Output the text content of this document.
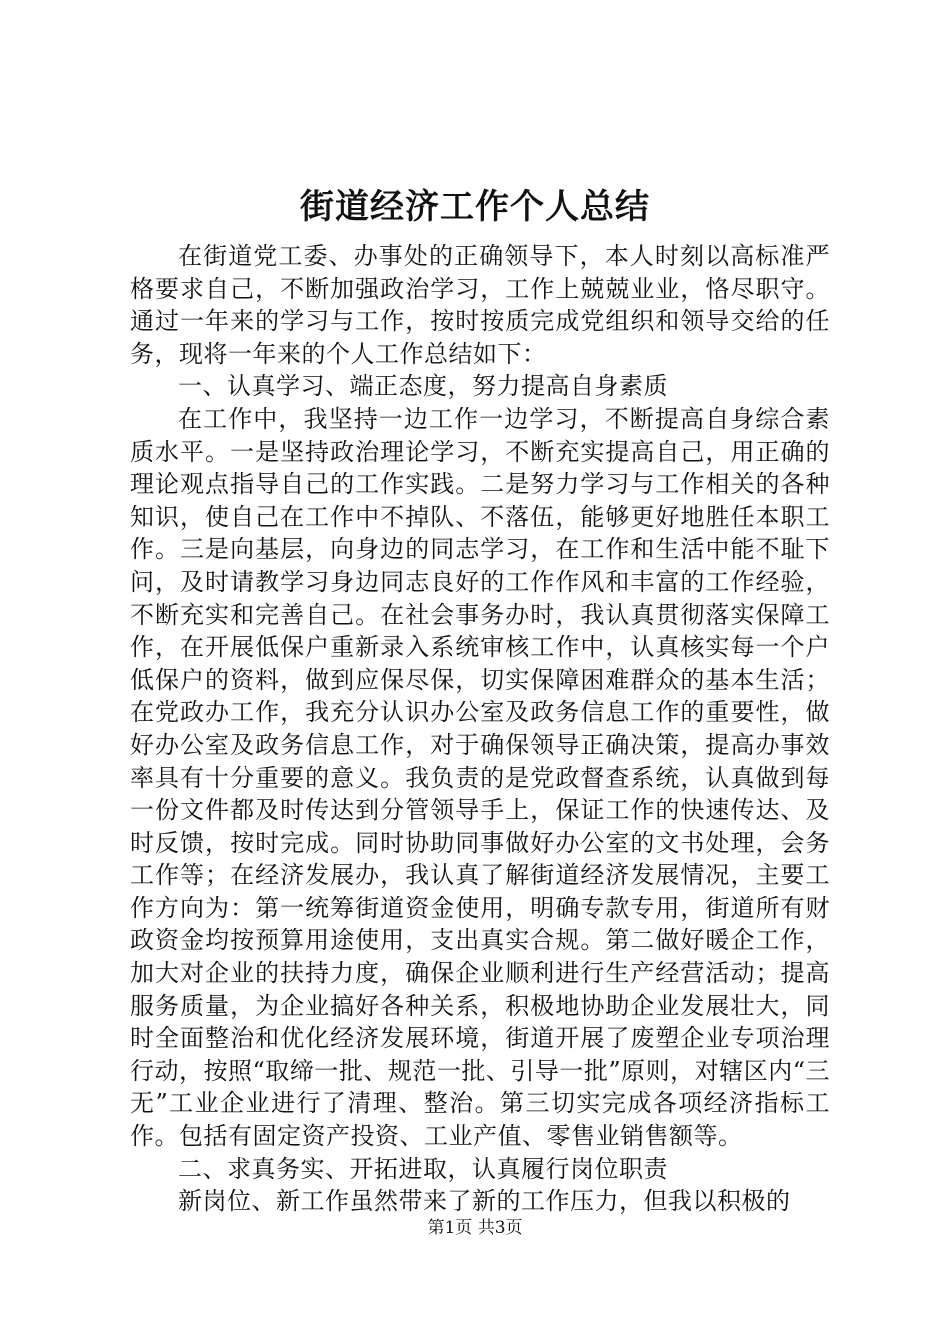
街道经济工作个人总结

在街道党工委、办事处的正确领导下，本人时刻以高标准严格要求自己，不断加强政治学习，工作上兢兢业业，恪尽职守。通过一年来的学习与工作，按时按质完成党组织和领导交给的任务，现将一年来的个人工作总结如下：

一、认真学习、端正态度，努力提高自身素质

在工作中，我坚持一边工作一边学习，不断提高自身综合素质水平。一是坚持政治理论学习，不断充实提高自己，用正确的理论观点指导自己的工作实践。二是努力学习与工作相关的各种知识，使自己在工作中不掉队、不落伍，能够更好地胜任本职工作。三是向基层，向身边的同志学习，在工作和生活中能不耻下问，及时请教学习身边同志良好的工作作风和丰富的工作经验，不断充实和完善自己。在社会事务办时，我认真贯彻落实保障工作，在开展低保户重新录入系统审核工作中，认真核实每一个户低保户的资料，做到应保尽保，切实保障困难群众的基本生活；在党政办工作，我充分认识办公室及政务信息工作的重要性，做好办公室及政务信息工作，对于确保领导正确决策，提高办事效率具有十分重要的意义。我负责的是党政督查系统，认真做到每一份文件都及时传达到分管领导手上，保证工作的快速传达、及时反馈，按时完成。同时协助同事做好办公室的文书处理，会务工作等；在经济发展办，我认真了解街道经济发展情况，主要工作方向为：第一统筹街道资金使用，明确专款专用，街道所有财政资金均按预算用途使用，支出真实合规。第二做好暖企工作，加大对企业的扶持力度，确保企业顺利进行生产经营活动；提高服务质量，为企业搞好各种关系，积极地协助企业发展壮大，同时全面整治和优化经济发展环境，街道开展了废塑企业专项治理行动，按照“取缔一批、规范一批、引导一批”原则，对辖区内“三无”工业企业进行了清理、整治。第三切实完成各项经济指标工作。包括有固定资产投资、工业产值、零售业销售额等。

二、求真务实、开拓进取，认真履行岗位职责

新岗位、新工作虽然带来了新的工作压力，但我以积极的

第1页 共3页
